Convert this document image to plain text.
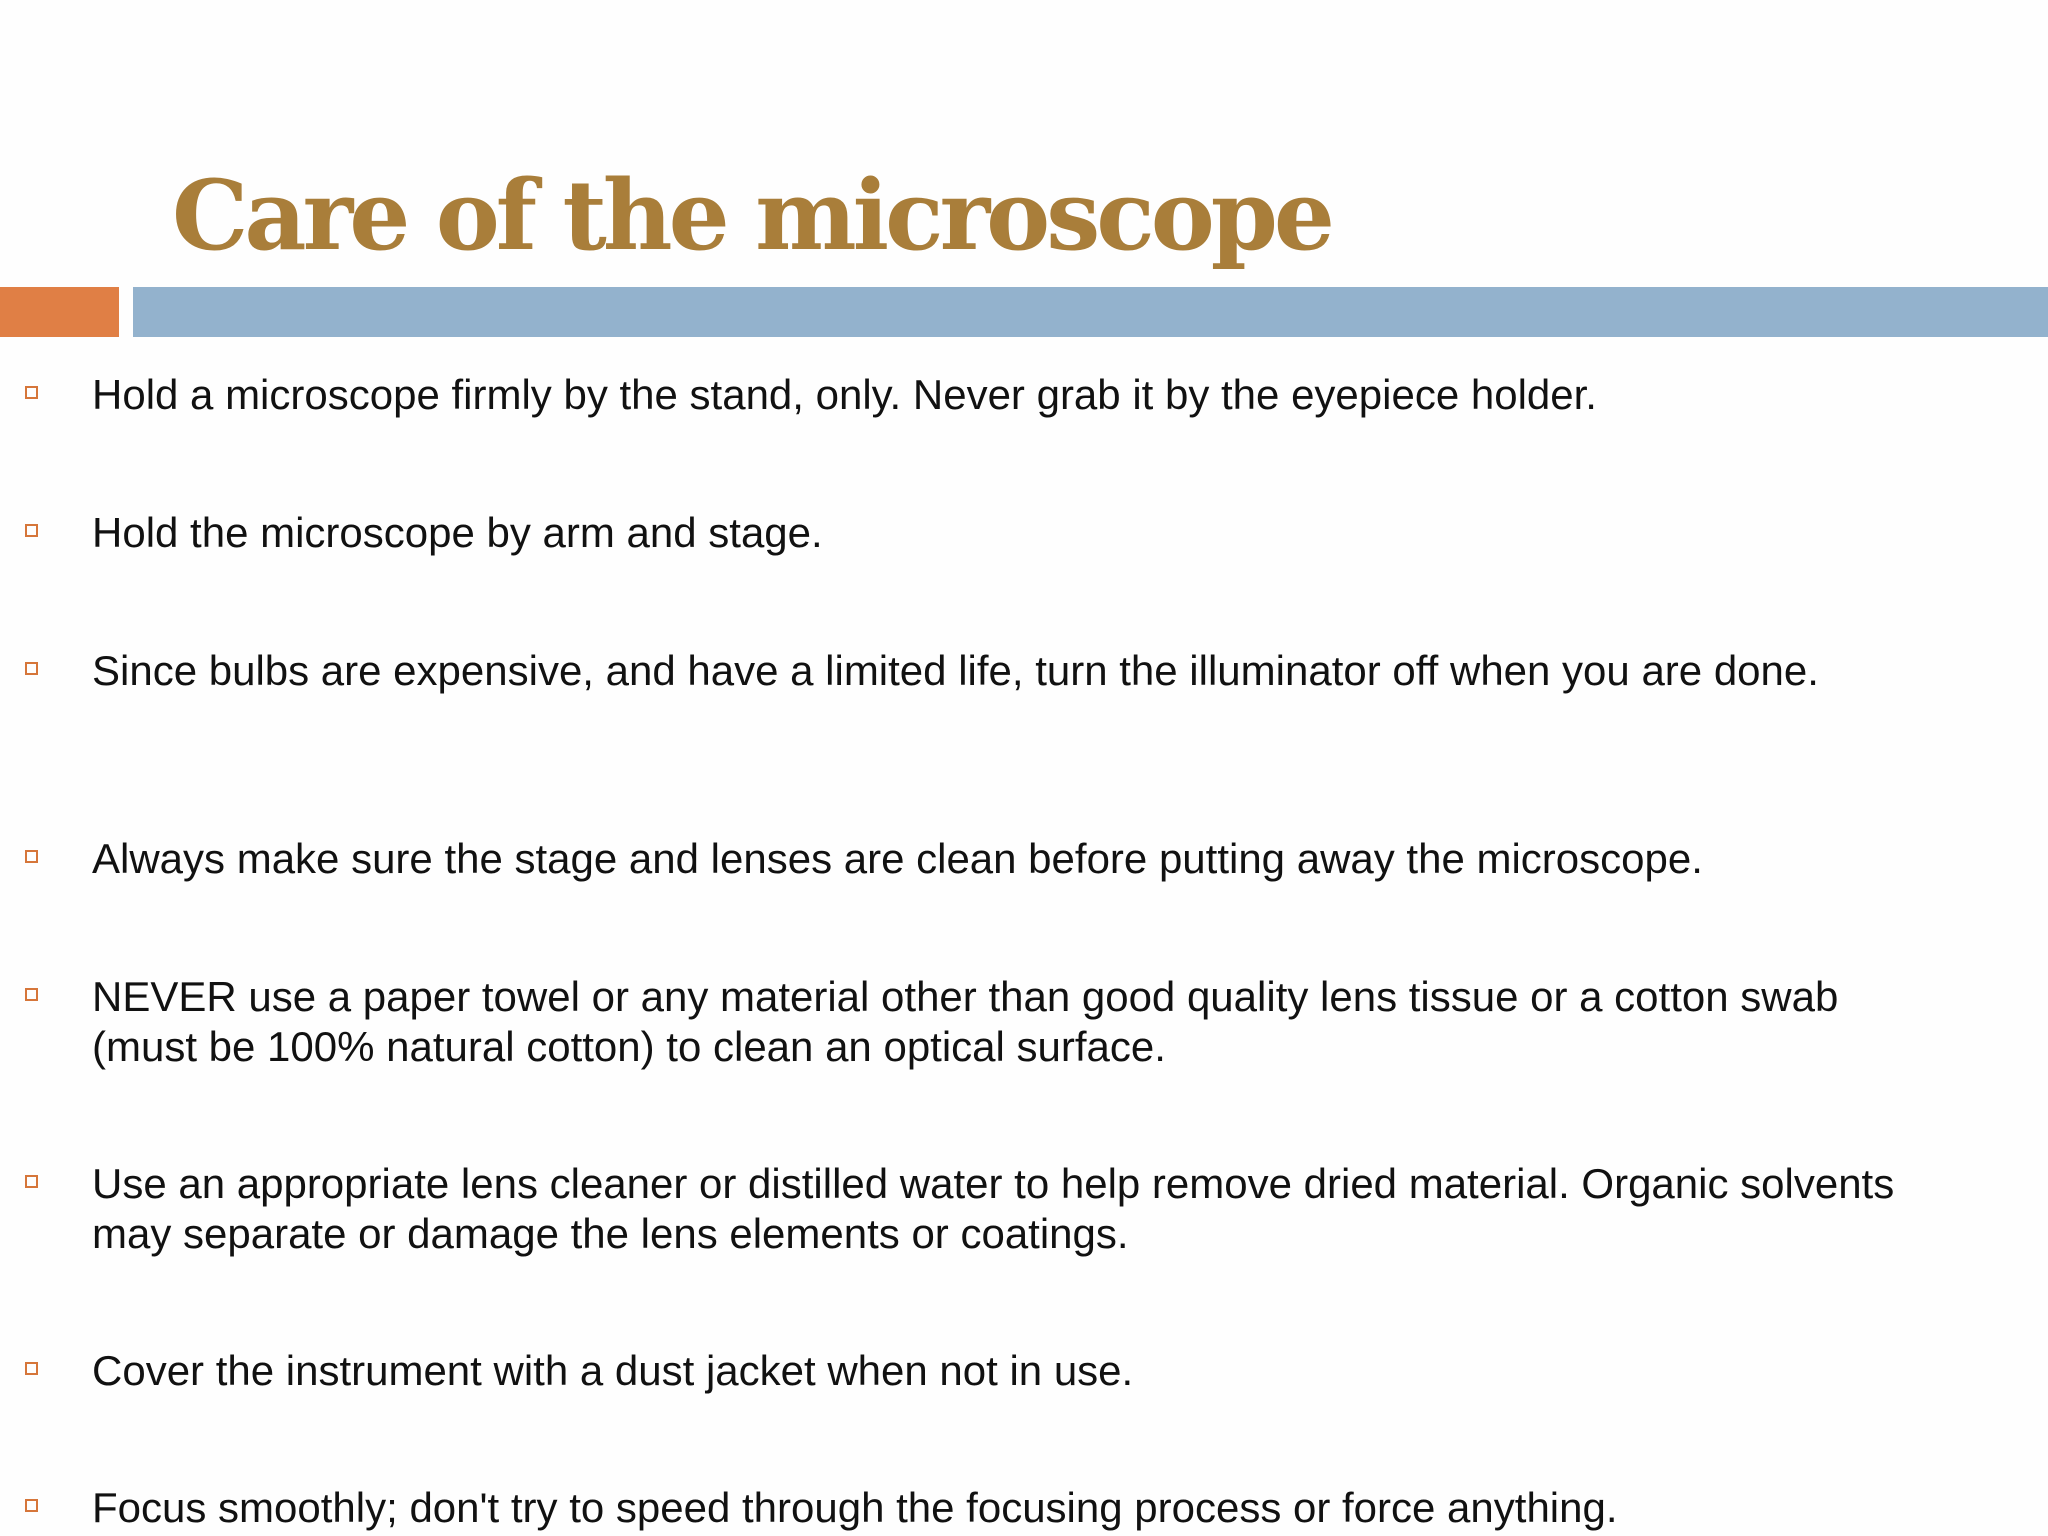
Care of the microscope
Hold a microscope firmly by the stand, only. Never grab it by the eyepiece holder.
Hold the microscope by arm and stage.
Since bulbs are expensive, and have a limited life, turn the illuminator off when you are done.
Always make sure the stage and lenses are clean before putting away the microscope.
NEVER use a paper towel or any material other than good quality lens tissue or a cotton swab (must be 100% natural cotton) to clean an optical surface.
Use an appropriate lens cleaner or distilled water to help remove dried material. Organic solvents may separate or damage the lens elements or coatings.
Cover the instrument with a dust jacket when not in use.
Focus smoothly; don't try to speed through the focusing process or force anything.
